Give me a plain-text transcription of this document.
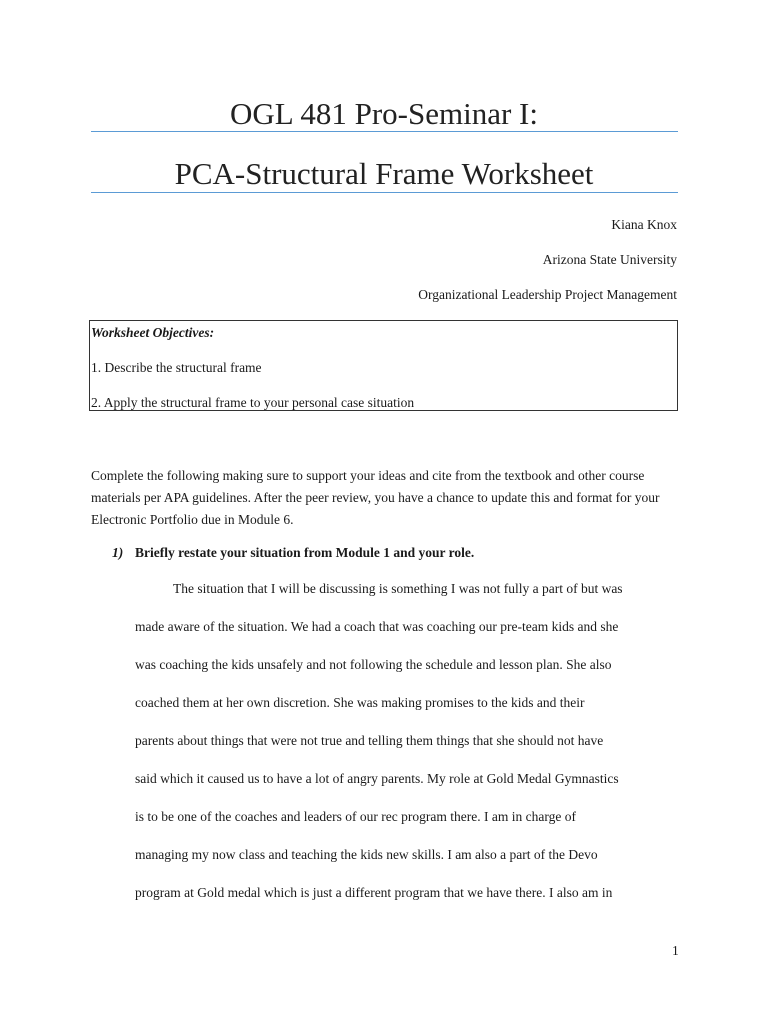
OGL 481 Pro-Seminar I:
PCA-Structural Frame Worksheet
Kiana Knox
Arizona State University
Organizational Leadership Project Management
Worksheet Objectives:
1. Describe the structural frame
2. Apply the structural frame to your personal case situation
Complete the following making sure to support your ideas and cite from the textbook and other course materials per APA guidelines. After the peer review, you have a chance to update this and format for your Electronic Portfolio due in Module 6.
1) Briefly restate your situation from Module 1 and your role.
The situation that I will be discussing is something I was not fully a part of but was
made aware of the situation. We had a coach that was coaching our pre-team kids and she
was coaching the kids unsafely and not following the schedule and lesson plan. She also
coached them at her own discretion. She was making promises to the kids and their
parents about things that were not true and telling them things that she should not have
said which it caused us to have a lot of angry parents. My role at Gold Medal Gymnastics
is to be one of the coaches and leaders of our rec program there. I am in charge of
managing my now class and teaching the kids new skills. I am also a part of the Devo
program at Gold medal which is just a different program that we have there. I also am in
1
